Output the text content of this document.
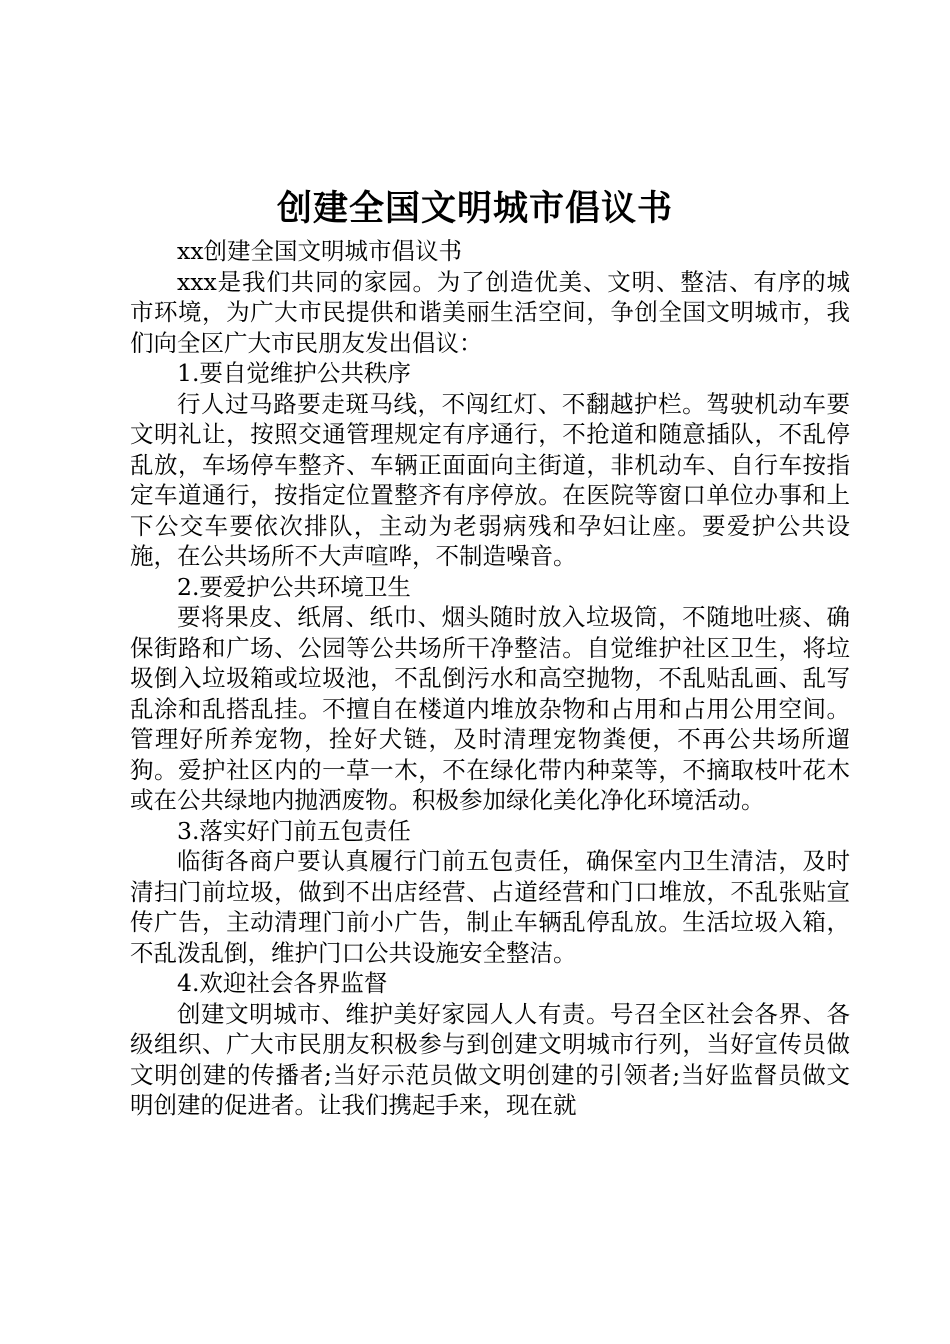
创建全国文明城市倡议书

xx创建全国文明城市倡议书

xxx是我们共同的家园。为了创造优美、文明、整洁、有序的城市环境，为广大市民提供和谐美丽生活空间，争创全国文明城市，我们向全区广大市民朋友发出倡议：

1.要自觉维护公共秩序

行人过马路要走斑马线，不闯红灯、不翻越护栏。驾驶机动车要文明礼让，按照交通管理规定有序通行，不抢道和随意插队，不乱停乱放，车场停车整齐、车辆正面面向主街道，非机动车、自行车按指定车道通行，按指定位置整齐有序停放。在医院等窗口单位办事和上下公交车要依次排队，主动为老弱病残和孕妇让座。要爱护公共设施，在公共场所不大声喧哗，不制造噪音。

2.要爱护公共环境卫生

要将果皮、纸屑、纸巾、烟头随时放入垃圾筒，不随地吐痰、确保街路和广场、公园等公共场所干净整洁。自觉维护社区卫生，将垃圾倒入垃圾箱或垃圾池，不乱倒污水和高空抛物，不乱贴乱画、乱写乱涂和乱搭乱挂。不擅自在楼道内堆放杂物和占用和占用公用空间。管理好所养宠物，拴好犬链，及时清理宠物粪便，不再公共场所遛狗。爱护社区内的一草一木，不在绿化带内种菜等，不摘取枝叶花木或在公共绿地内抛洒废物。积极参加绿化美化净化环境活动。

3.落实好门前五包责任

临街各商户要认真履行门前五包责任，确保室内卫生清洁，及时清扫门前垃圾，做到不出店经营、占道经营和门口堆放，不乱张贴宣传广告，主动清理门前小广告，制止车辆乱停乱放。生活垃圾入箱，不乱泼乱倒，维护门口公共设施安全整洁。

4.欢迎社会各界监督

创建文明城市、维护美好家园人人有责。号召全区社会各界、各级组织、广大市民朋友积极参与到创建文明城市行列，当好宣传员做文明创建的传播者;当好示范员做文明创建的引领者;当好监督员做文明创建的促进者。让我们携起手来，现在就
